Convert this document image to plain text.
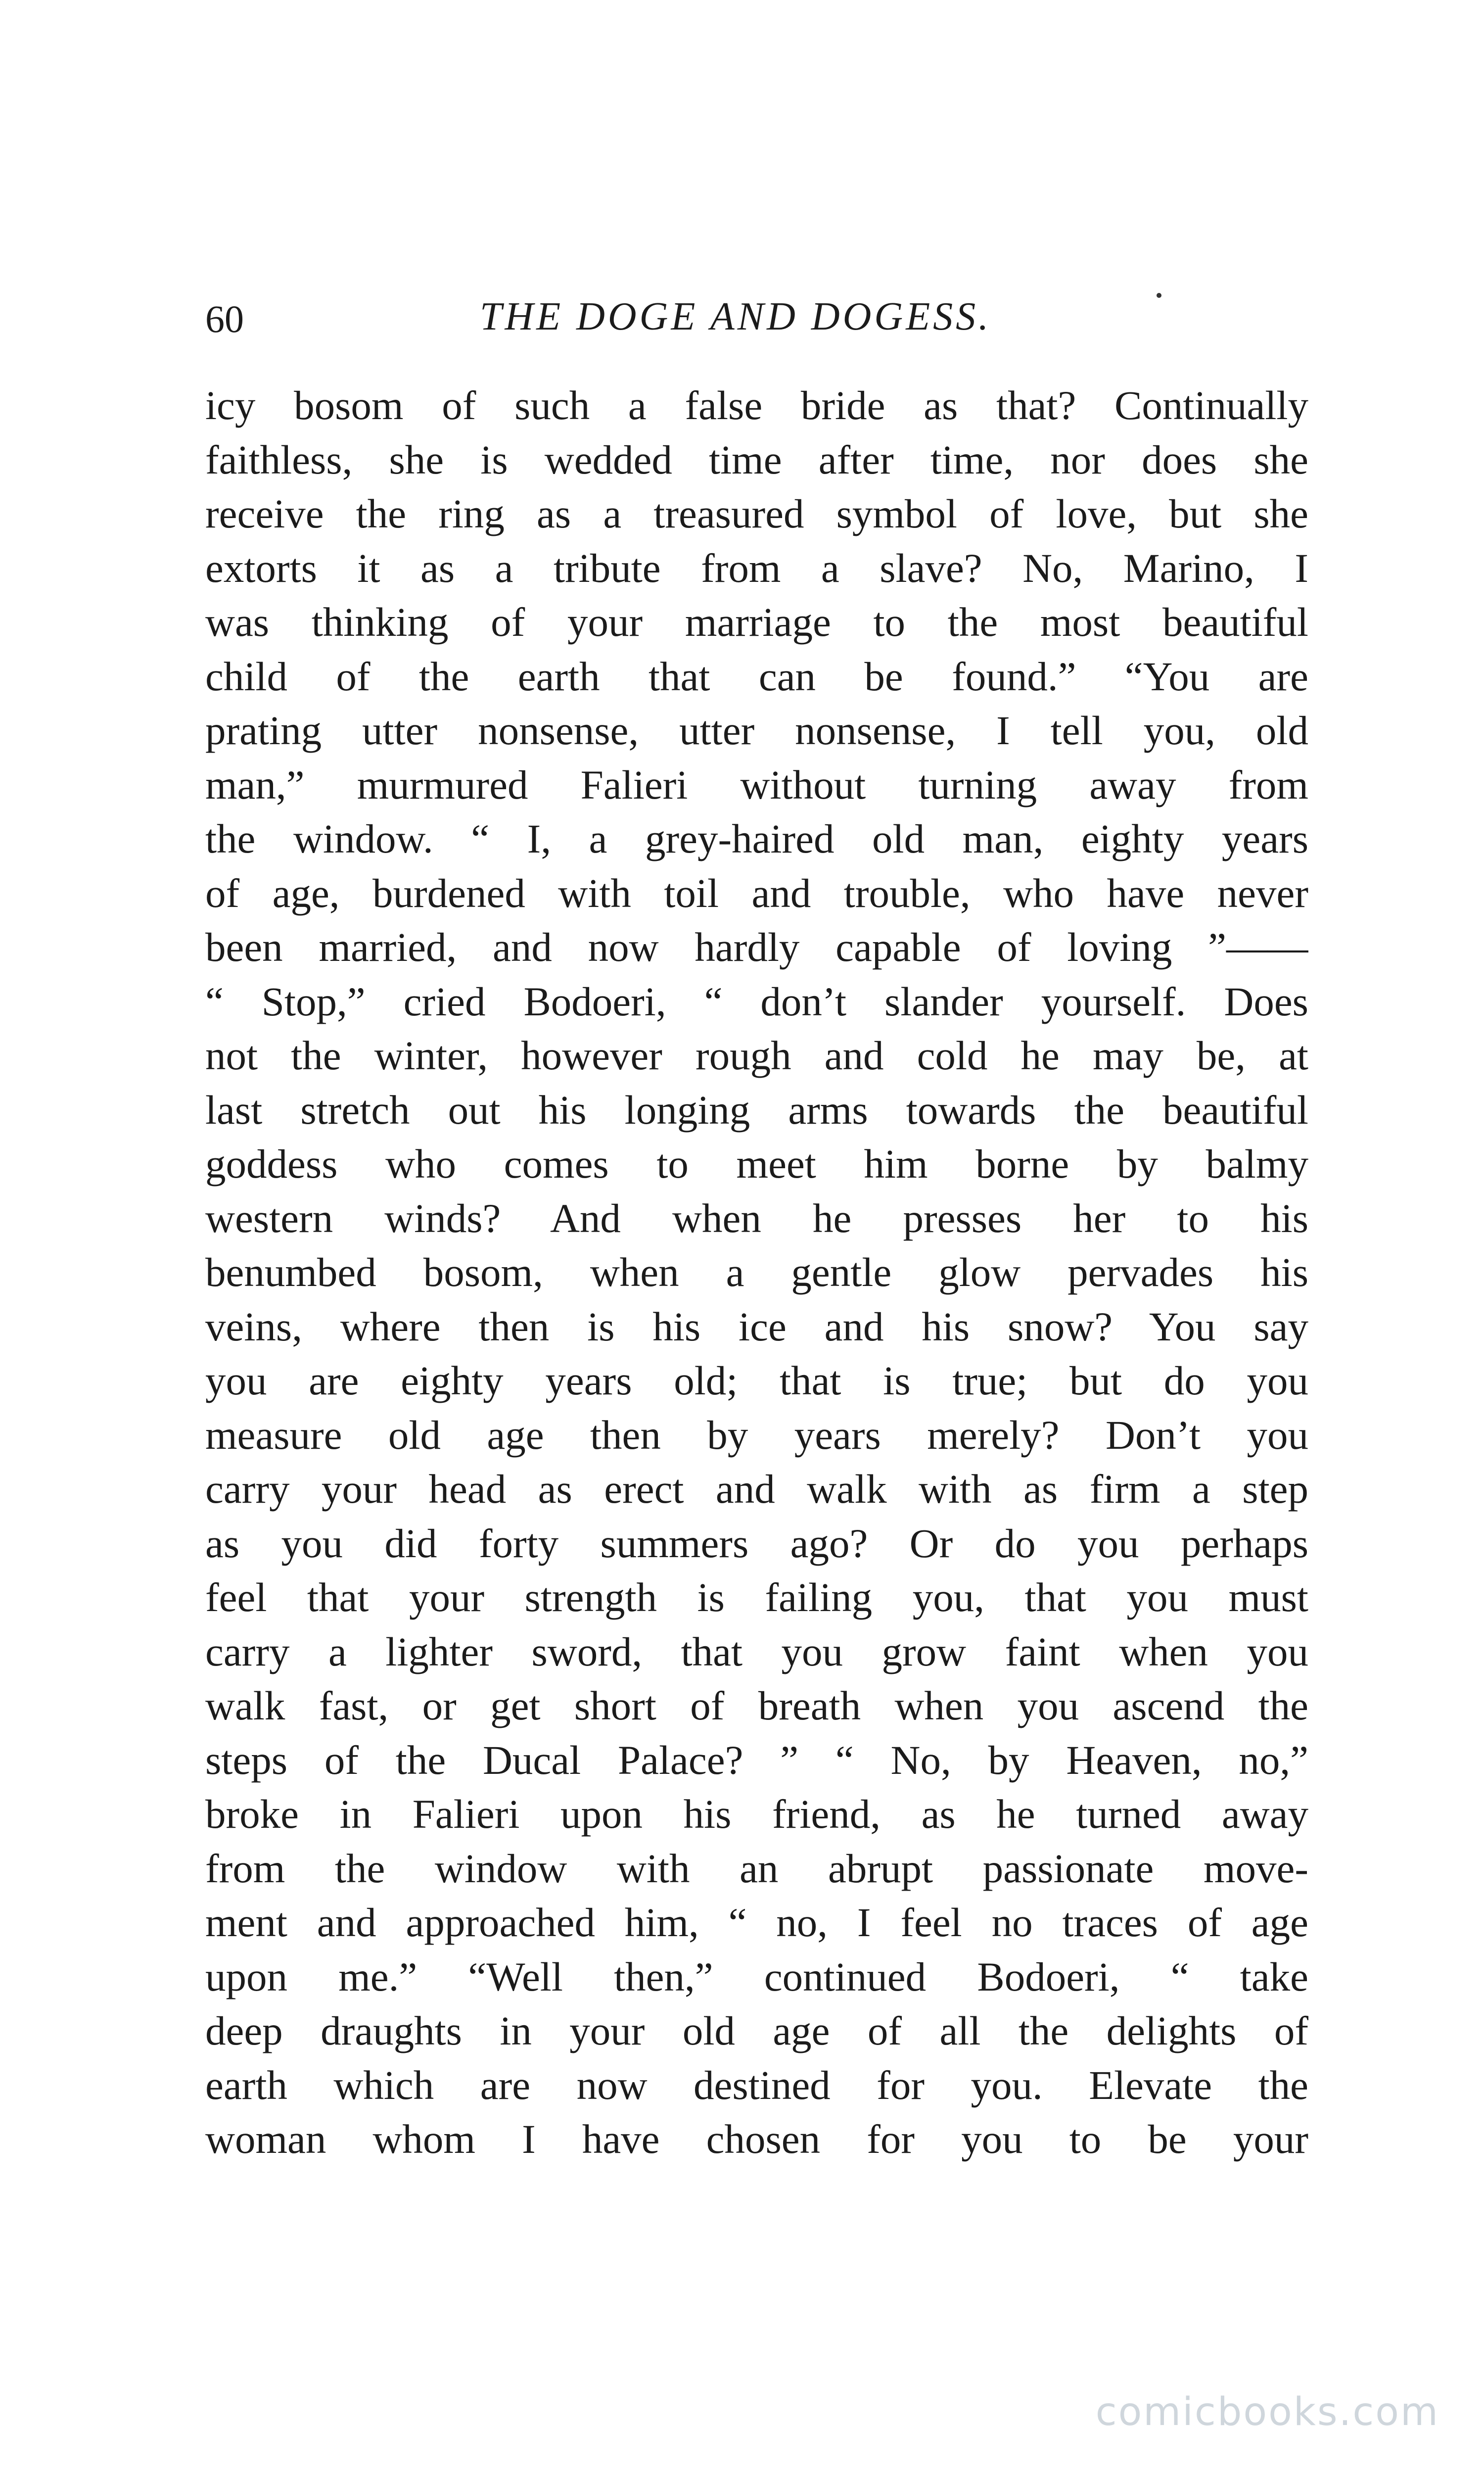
60	THE DOGE AND DOGESS.
icy bosom of such a false bride as that? Continually
faithless, she is wedded time after time, nor does she
receive the ring as a treasured symbol of love, but she
extorts it as a tribute from a slave? No, Marino, I
was thinking of your marriage to the most beautiful
child of the earth that can be found.” “You are
prating utter nonsense, utter nonsense, I tell you, old
man,” murmured Falieri without turning away from
the window. “ I, a grey-haired old man, eighty years
of age, burdened with toil and trouble, who have never
been married, and now hardly capable of loving ”——
“ Stop,” cried Bodoeri, “ don’t slander yourself. Does
not the winter, however rough and cold he may be, at
last stretch out his longing arms towards the beautiful
goddess who comes to meet him borne by balmy
western winds? And when he presses her to his
benumbed bosom, when a gentle glow pervades his
veins, where then is his ice and his snow? You say
you are eighty years old; that is true; but do you
measure old age then by years merely? Don’t you
carry your head as erect and walk with as firm a step
as you did forty summers ago? Or do you perhaps
feel that your strength is failing you, that you must
carry a lighter sword, that you grow faint when you
walk fast, or get short of breath when you ascend the
steps of the Ducal Palace? ” “ No, by Heaven, no,”
broke in Falieri upon his friend, as he turned away
from the window with an abrupt passionate move-
ment and approached him, “ no, I feel no traces of age
upon me.” “Well then,” continued Bodoeri, “ take
deep draughts in your old age of all the delights of
earth which are now destined for you. Elevate the
woman whom I have chosen for you to be your
comicbooks.com
